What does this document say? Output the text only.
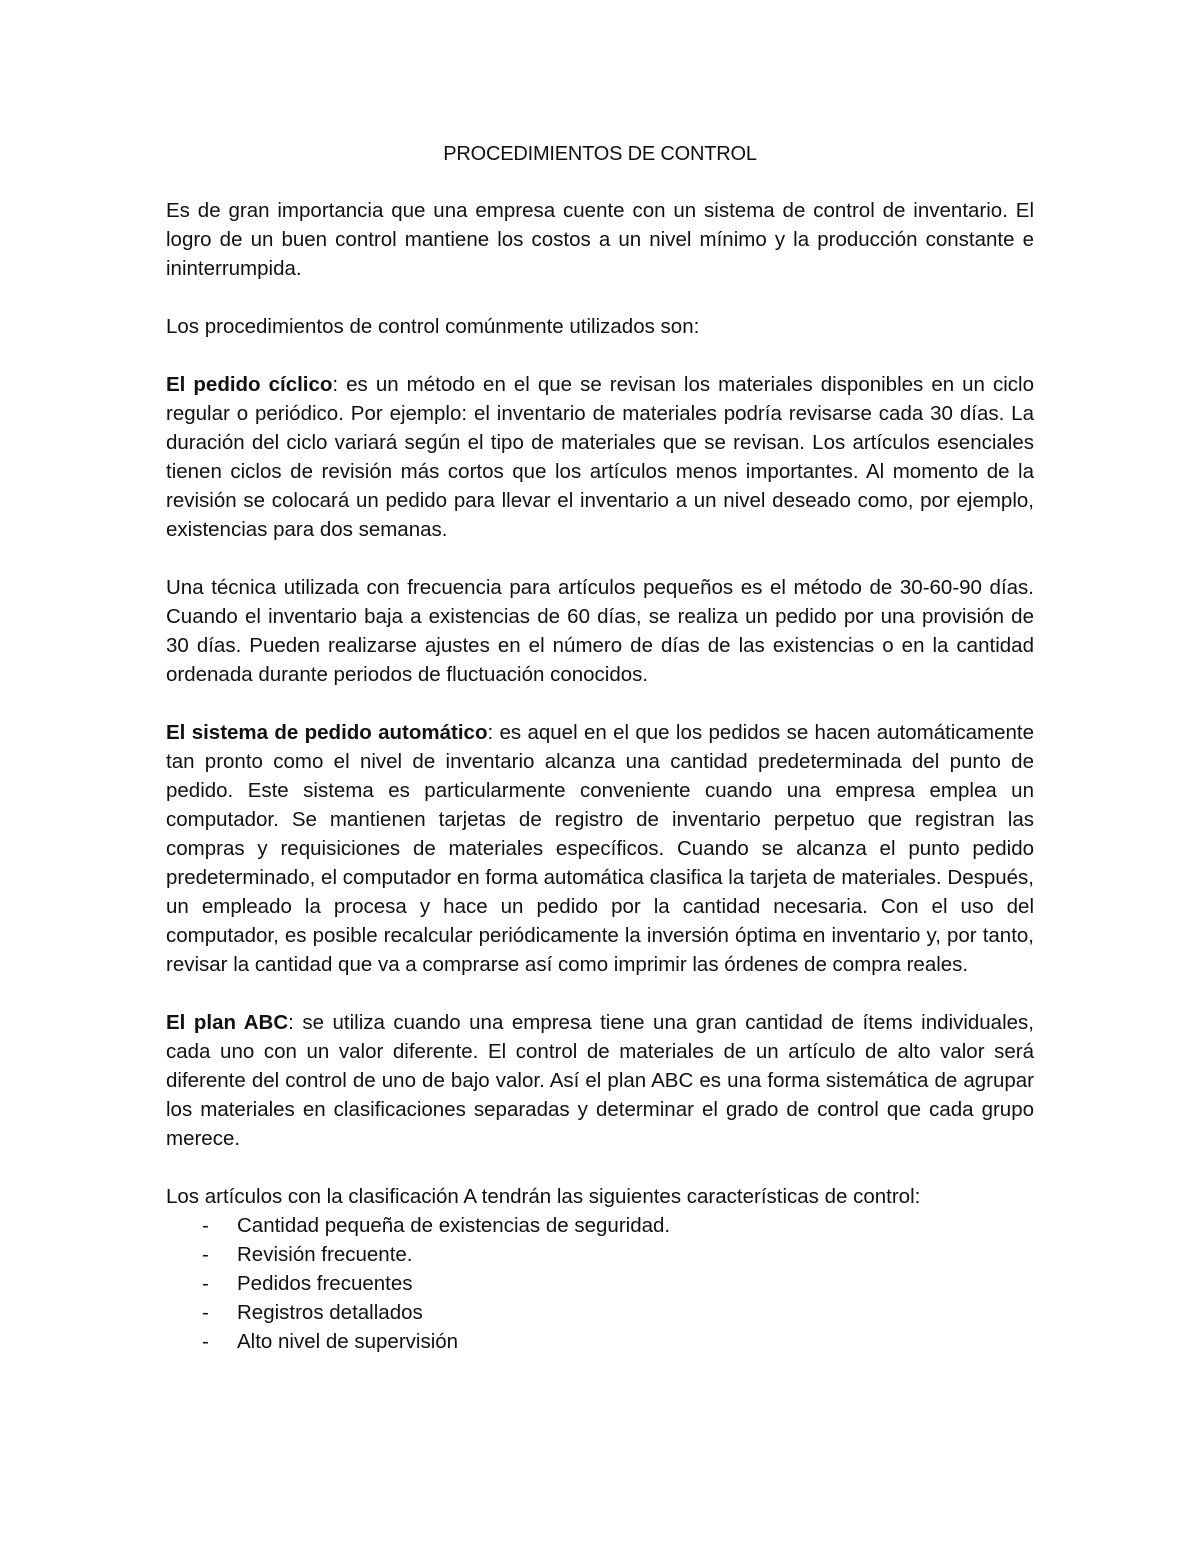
PROCEDIMIENTOS DE CONTROL

Es de gran importancia que una empresa cuente con un sistema de control de inventario. El logro de un buen control mantiene los costos a un nivel mínimo y la producción constante e ininterrumpida.

Los procedimientos de control comúnmente utilizados son:

El pedido cíclico: es un método en el que se revisan los materiales disponibles en un ciclo regular o periódico. Por ejemplo: el inventario de materiales podría revisarse cada 30 días. La duración del ciclo variará según el tipo de materiales que se revisan. Los artículos esenciales tienen ciclos de revisión más cortos que los artículos menos importantes. Al momento de la revisión se colocará un pedido para llevar el inventario a un nivel deseado como, por ejemplo, existencias para dos semanas.

Una técnica utilizada con frecuencia para artículos pequeños es el método de 30-60-90 días. Cuando el inventario baja a existencias de 60 días, se realiza un pedido por una provisión de 30 días. Pueden realizarse ajustes en el número de días de las existencias o en la cantidad ordenada durante periodos de fluctuación conocidos.

El sistema de pedido automático: es aquel en el que los pedidos se hacen automáticamente tan pronto como el nivel de inventario alcanza una cantidad predeterminada del punto de pedido. Este sistema es particularmente conveniente cuando una empresa emplea un computador. Se mantienen tarjetas de registro de inventario perpetuo que registran las compras y requisiciones de materiales específicos. Cuando se alcanza el punto pedido predeterminado, el computador en forma automática clasifica la tarjeta de materiales. Después, un empleado la procesa y hace un pedido por la cantidad necesaria. Con el uso del computador, es posible recalcular periódicamente la inversión óptima en inventario y, por tanto, revisar la cantidad que va a comprarse así como imprimir las órdenes de compra reales.

El plan ABC: se utiliza cuando una empresa tiene una gran cantidad de ítems individuales, cada uno con un valor diferente. El control de materiales de un artículo de alto valor será diferente del control de uno de bajo valor. Así el plan ABC es una forma sistemática de agrupar los materiales en clasificaciones separadas y determinar el grado de control que cada grupo merece.

Los artículos con la clasificación A tendrán las siguientes características de control:

- Cantidad pequeña de existencias de seguridad.
- Revisión frecuente.
- Pedidos frecuentes
- Registros detallados
- Alto nivel de supervisión
